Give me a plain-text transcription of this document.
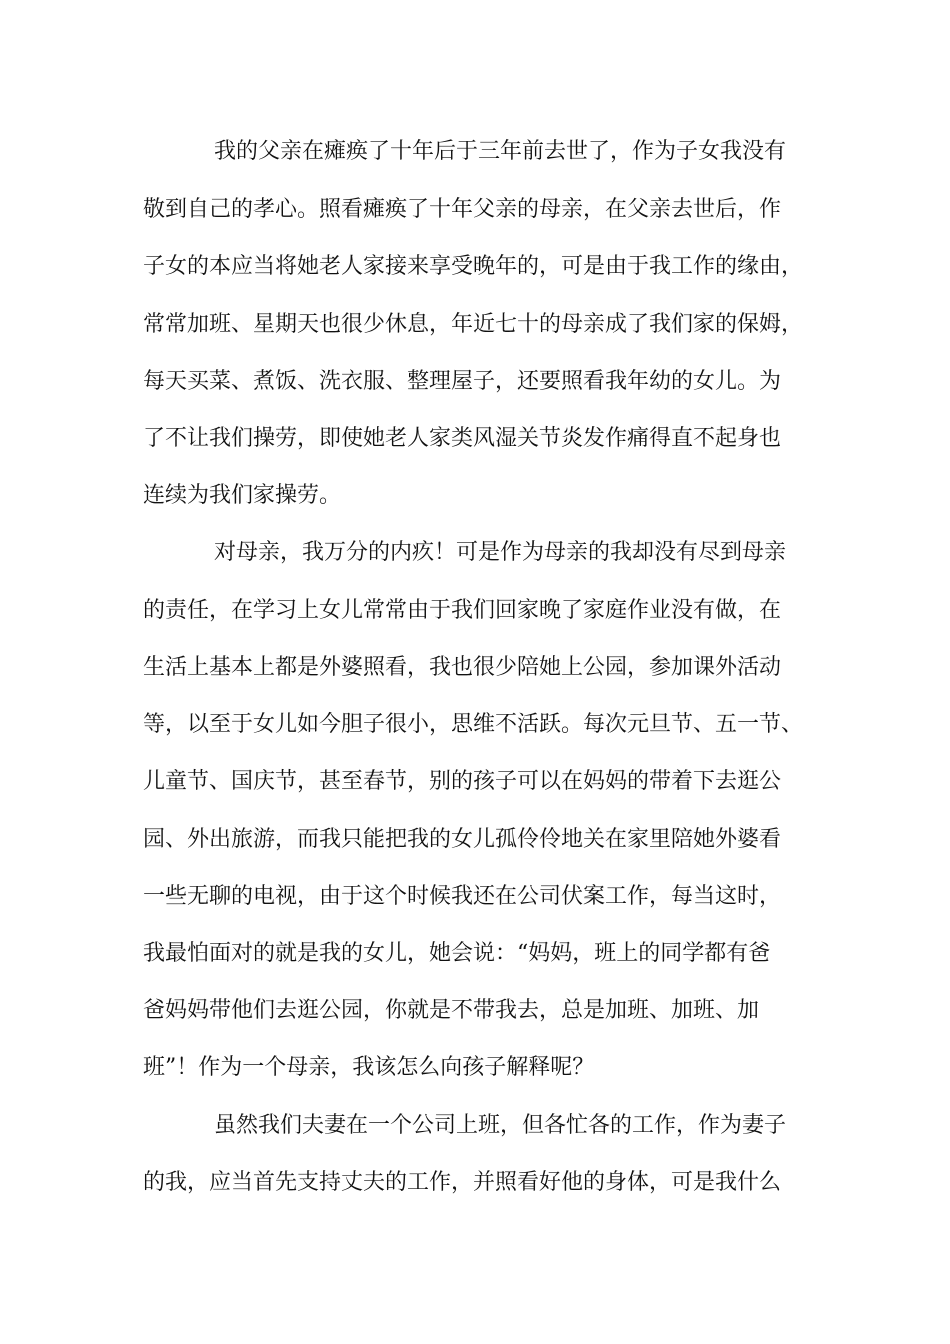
我的父亲在瘫痪了十年后于三年前去世了，作为子女我没有
敬到自己的孝心。照看瘫痪了十年父亲的母亲，在父亲去世后，作
子女的本应当将她老人家接来享受晚年的，可是由于我工作的缘由，
常常加班、星期天也很少休息，年近七十的母亲成了我们家的保姆，
每天买菜、煮饭、洗衣服、整理屋子，还要照看我年幼的女儿。为
了不让我们操劳，即使她老人家类风湿关节炎发作痛得直不起身也
连续为我们家操劳。
对母亲，我万分的内疚！可是作为母亲的我却没有尽到母亲
的责任，在学习上女儿常常由于我们回家晚了家庭作业没有做，在
生活上基本上都是外婆照看，我也很少陪她上公园，参加课外活动
等，以至于女儿如今胆子很小，思维不活跃。每次元旦节、五一节、
儿童节、国庆节，甚至春节，别的孩子可以在妈妈的带着下去逛公
园、外出旅游，而我只能把我的女儿孤伶伶地关在家里陪她外婆看
一些无聊的电视，由于这个时候我还在公司伏案工作，每当这时，
我最怕面对的就是我的女儿，她会说：“妈妈，班上的同学都有爸
爸妈妈带他们去逛公园，你就是不带我去，总是加班、加班、加
班”！作为一个母亲，我该怎么向孩子解释呢？
虽然我们夫妻在一个公司上班，但各忙各的工作，作为妻子
的我，应当首先支持丈夫的工作，并照看好他的身体，可是我什么
